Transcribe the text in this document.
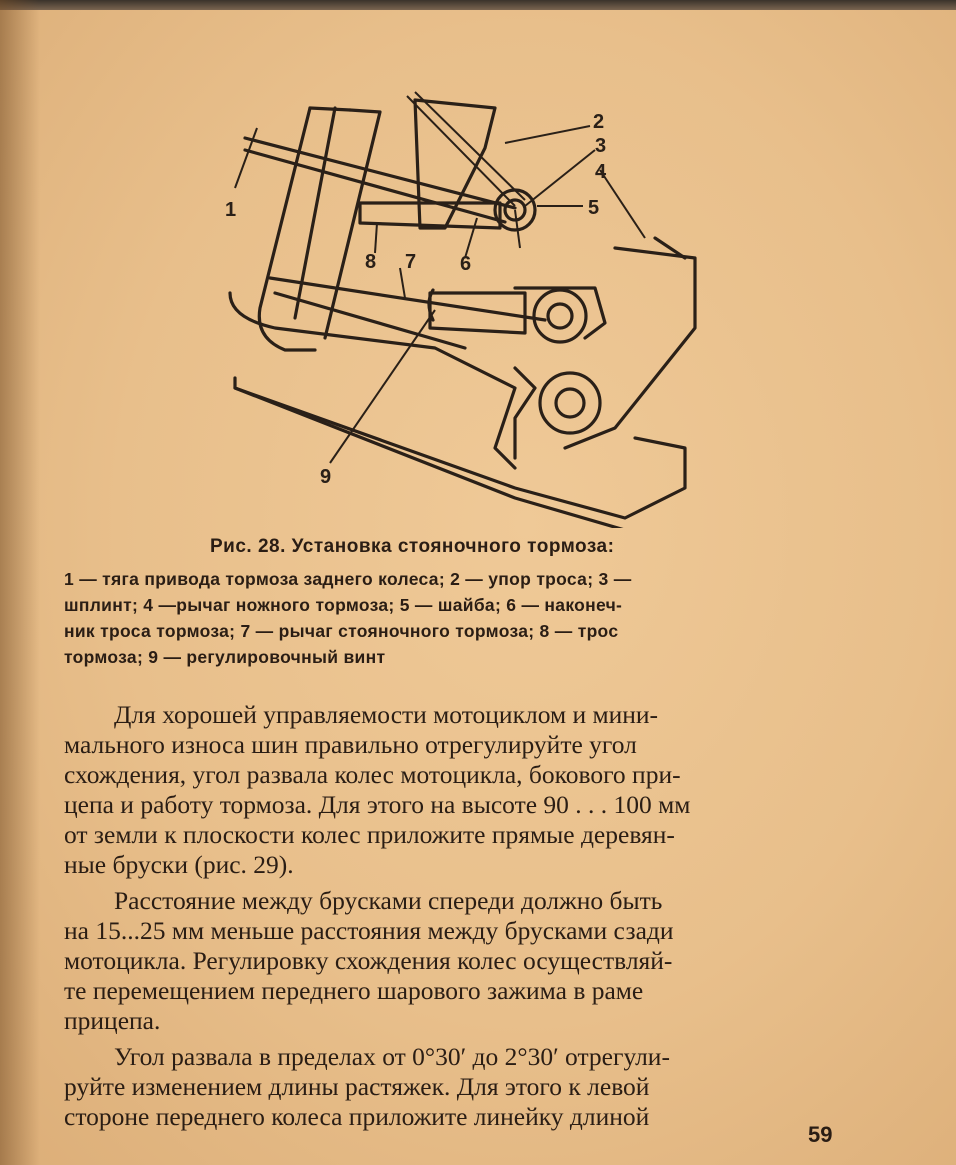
1
2
3
4
5
6
7
8
9
Рис. 28. Установка стояночного тормоза:
1 — тяга привода тормоза заднего колеса; 2 — упор троса; 3 —
шплинт; 4 —рычаг ножного тормоза; 5 — шайба; 6 — наконеч-
ник троса тормоза; 7 — рычаг стояночного тормоза; 8 — трос
тормоза; 9 — регулировочный винт
Для хорошей управляемости мотоциклом и мини-
мального износа шин правильно отрегулируйте угол
схождения, угол развала колес мотоцикла, бокового при-
цепа и работу тормоза. Для этого на высоте 90 . . . 100 мм
от земли к плоскости колес приложите прямые деревян-
ные бруски (рис. 29).
Расстояние между брусками спереди должно быть
на 15...25 мм меньше расстояния между брусками сзади
мотоцикла. Регулировку схождения колес осуществляй-
те перемещением переднего шарового зажима в раме
прицепа.
Угол развала в пределах от 0°30′ до 2°30′ отрегули-
руйте изменением длины растяжек. Для этого к левой
стороне переднего колеса приложите линейку длиной
59
